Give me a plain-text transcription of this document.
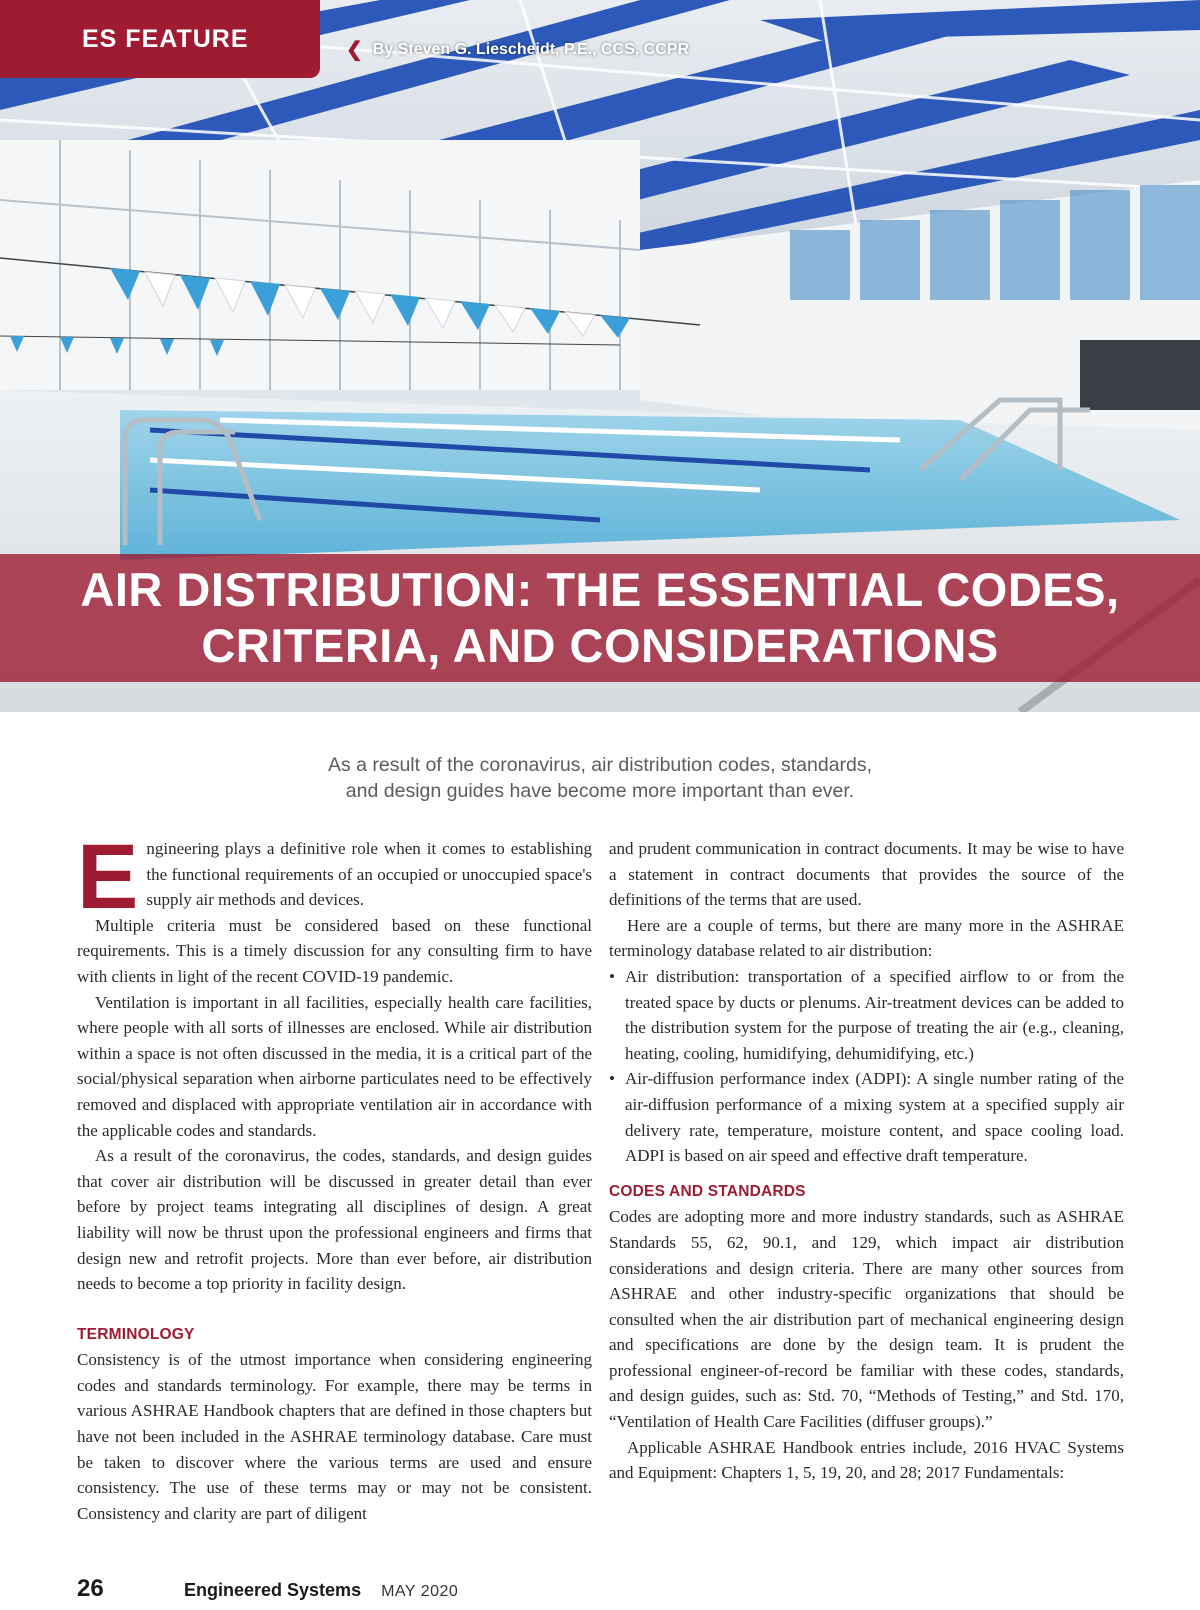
ES FEATURE	❮ By Steven G. Liescheidt, P.E., CCS, CCPR
AIR DISTRIBUTION: THE ESSENTIAL CODES, CRITERIA, AND CONSIDERATIONS
As a result of the coronavirus, air distribution codes, standards,
and design guides have become more important than ever.

Engineering plays a definitive role when it comes to establishing the functional requirements of an occupied or unoccupied space's supply air methods and devices.

Multiple criteria must be considered based on these functional requirements. This is a timely discussion for any consulting firm to have with clients in light of the recent COVID-19 pandemic.

Ventilation is important in all facilities, especially health care facilities, where people with all sorts of illnesses are enclosed. While air distribution within a space is not often discussed in the media, it is a critical part of the social/physical separation when airborne particulates need to be effectively removed and displaced with appropriate ventilation air in accordance with the applicable codes and standards.

As a result of the coronavirus, the codes, standards, and design guides that cover air distribution will be discussed in greater detail than ever before by project teams integrating all disciplines of design. A great liability will now be thrust upon the professional engineers and firms that design new and retrofit projects. More than ever before, air distribution needs to become a top priority in facility design.

TERMINOLOGY

Consistency is of the utmost importance when considering engineering codes and standards terminology. For example, there may be terms in various ASHRAE Handbook chapters that are defined in those chapters but have not been included in the ASHRAE terminology database. Care must be taken to discover where the various terms are used and ensure consistency. The use of these terms may or may not be consistent. Consistency and clarity are part of diligent

and prudent communication in contract documents. It may be wise to have a statement in contract documents that provides the source of the definitions of the terms that are used.

Here are a couple of terms, but there are many more in the ASHRAE terminology database related to air distribution:

• Air distribution: transportation of a specified airflow to or from the treated space by ducts or plenums. Air-treatment devices can be added to the distribution system for the purpose of treating the air (e.g., cleaning, heating, cooling, humidifying, dehumidifying, etc.)
• Air-diffusion performance index (ADPI): A single number rating of the air-diffusion performance of a mixing system at a specified supply air delivery rate, temperature, moisture content, and space cooling load. ADPI is based on air speed and effective draft temperature.
CODES AND STANDARDS

Codes are adopting more and more industry standards, such as ASHRAE Standards 55, 62, 90.1, and 129, which impact air distribution considerations and design criteria. There are many other sources from ASHRAE and other industry-specific organizations that should be consulted when the air distribution part of mechanical engineering design and specifications are done by the design team. It is prudent the professional engineer-of-record be familiar with these codes, standards, and design guides, such as: Std. 70, “Methods of Testing,” and Std. 170, “Ventilation of Health Care Facilities (diffuser groups).”

Applicable ASHRAE Handbook entries include, 2016 HVAC Systems and Equipment: Chapters 1, 5, 19, 20, and 28; 2017 Fundamentals:

26	Engineered Systems MAY 2020
